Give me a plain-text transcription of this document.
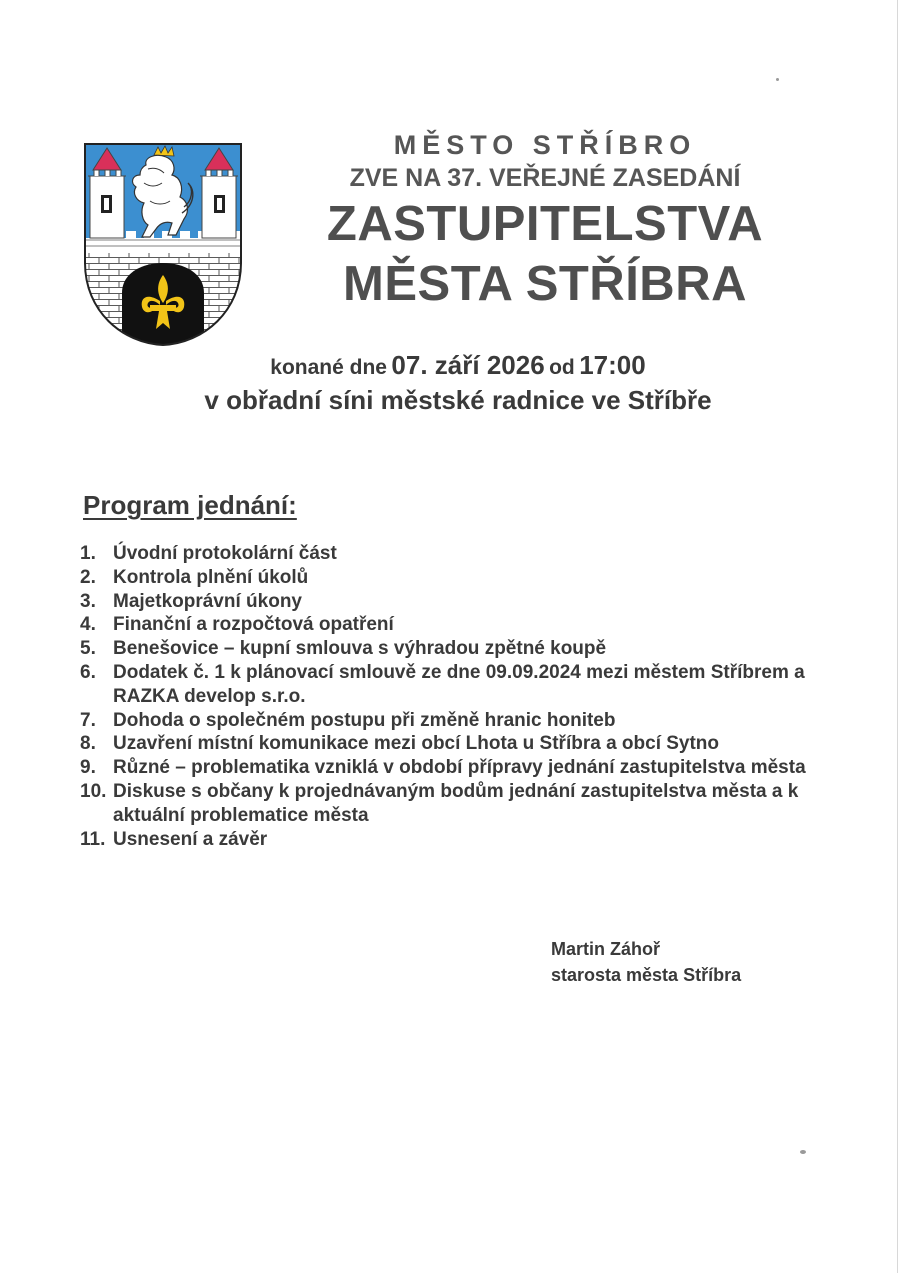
MĚSTO STŘÍBRO
ZVE NA 37. VEŘEJNÉ ZASEDÁNÍ
ZASTUPITELSTVA
MĚSTA STŘÍBRA
konané dne 07. září 2026 od 17:00
v obřadní síni městské radnice ve Stříbře
Program jednání:
1. Úvodní protokolární část
2. Kontrola plnění úkolů
3. Majetkoprávní úkony
4. Finanční a rozpočtová opatření
5. Benešovice – kupní smlouva s výhradou zpětné koupě
6. Dodatek č. 1 k plánovací smlouvě ze dne 09.09.2024 mezi městem Stříbrem a RAZKA develop s.r.o.
7. Dohoda o společném postupu při změně hranic honiteb
8. Uzavření místní komunikace mezi obcí Lhota u Stříbra a obcí Sytno
9. Různé – problematika vzniklá v období přípravy jednání zastupitelstva města
10. Diskuse s občany k projednávaným bodům jednání zastupitelstva města a k aktuální problematice města
11. Usnesení a závěr
Martin Záhoř
starosta města Stříbra
